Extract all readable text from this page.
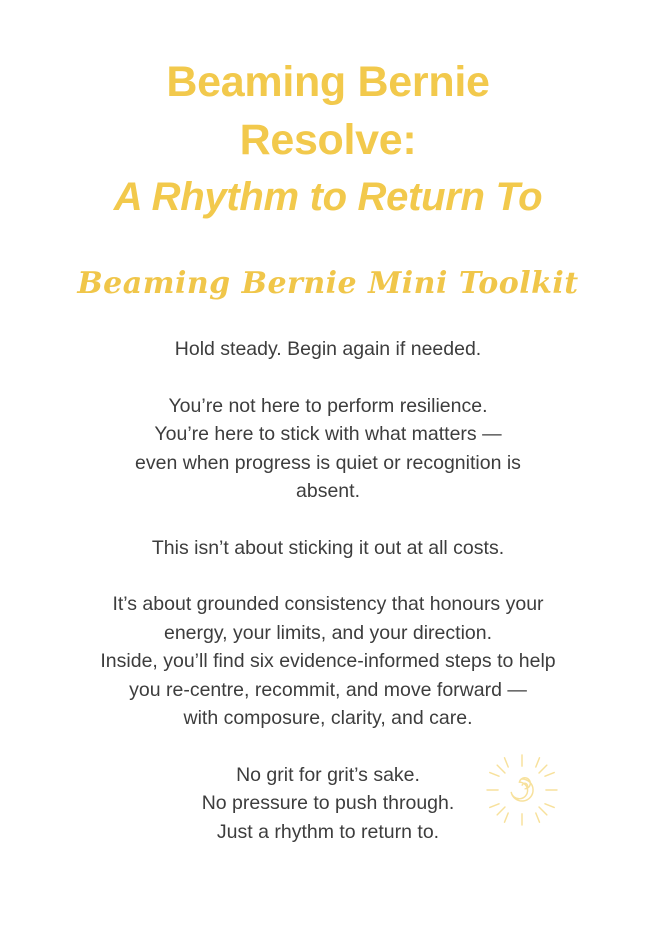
Beaming Bernie
Resolve:
A Rhythm to Return To
Beaming Bernie Mini Toolkit

Hold steady. Begin again if needed.

You’re not here to perform resilience.
You’re here to stick with what matters —
even when progress is quiet or recognition is
absent.

This isn’t about sticking it out at all costs.

It’s about grounded consistency that honours your
energy, your limits, and your direction.
Inside, you’ll find six evidence-informed steps to help
you re-centre, recommit, and move forward —
with composure, clarity, and care.

No grit for grit’s sake.
No pressure to push through.
Just a rhythm to return to.
